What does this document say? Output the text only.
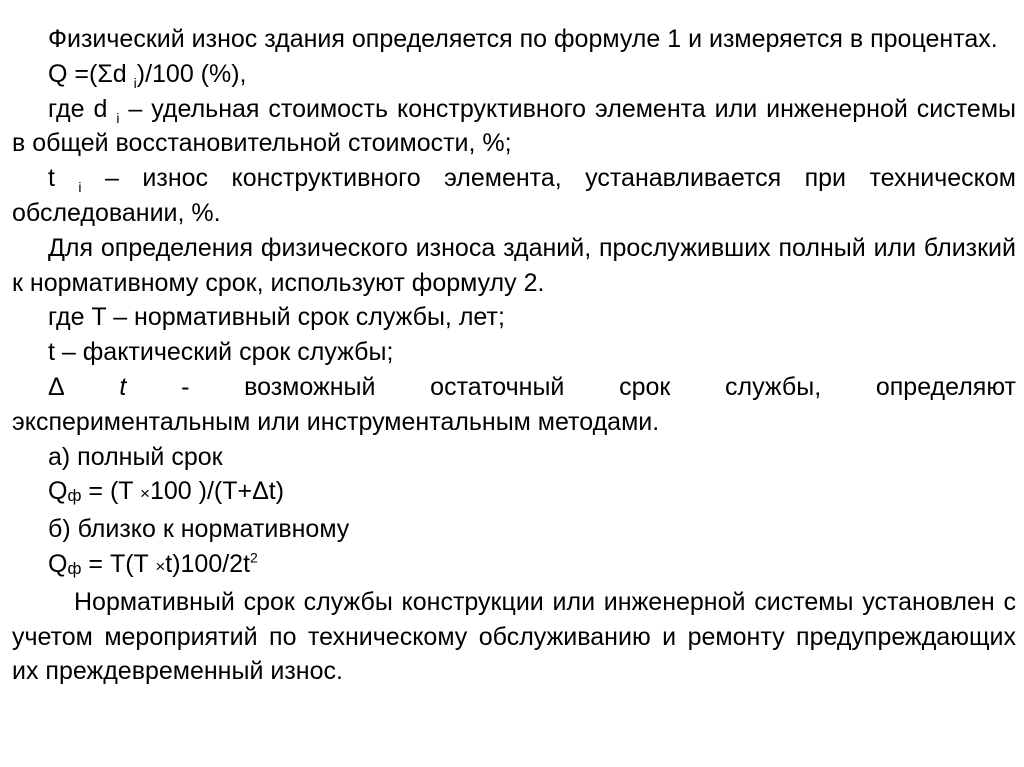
Физический износ здания определяется по формуле 1 и измеряется в процентах.

Q =(Σd $_i$)/100 (%),

где d $_i$ – удельная стоимость конструктивного элемента или инженерной системы в общей восстановительной стоимости, %;

t $_i$ – износ конструктивного элемента, устанавливается при техническом обследовании, %.

Для определения физического износа зданий, прослуживших полный или близкий к нормативному срок, используют формулу 2.

где T – нормативный срок службы, лет;

t – фактический срок службы;

Δ t - возможный остаточный срок службы, определяют

экспериментальным или инструментальным методами.

а) полный срок

Qф = (T ×100 )/(T+Δt)

б) близко к нормативному

Qф = $T(T \times t)100/2t^2$

Нормативный срок службы конструкции или инженерной системы установлен с учетом мероприятий по техническому обслуживанию и ремонту предупреждающих их преждевременный износ.
